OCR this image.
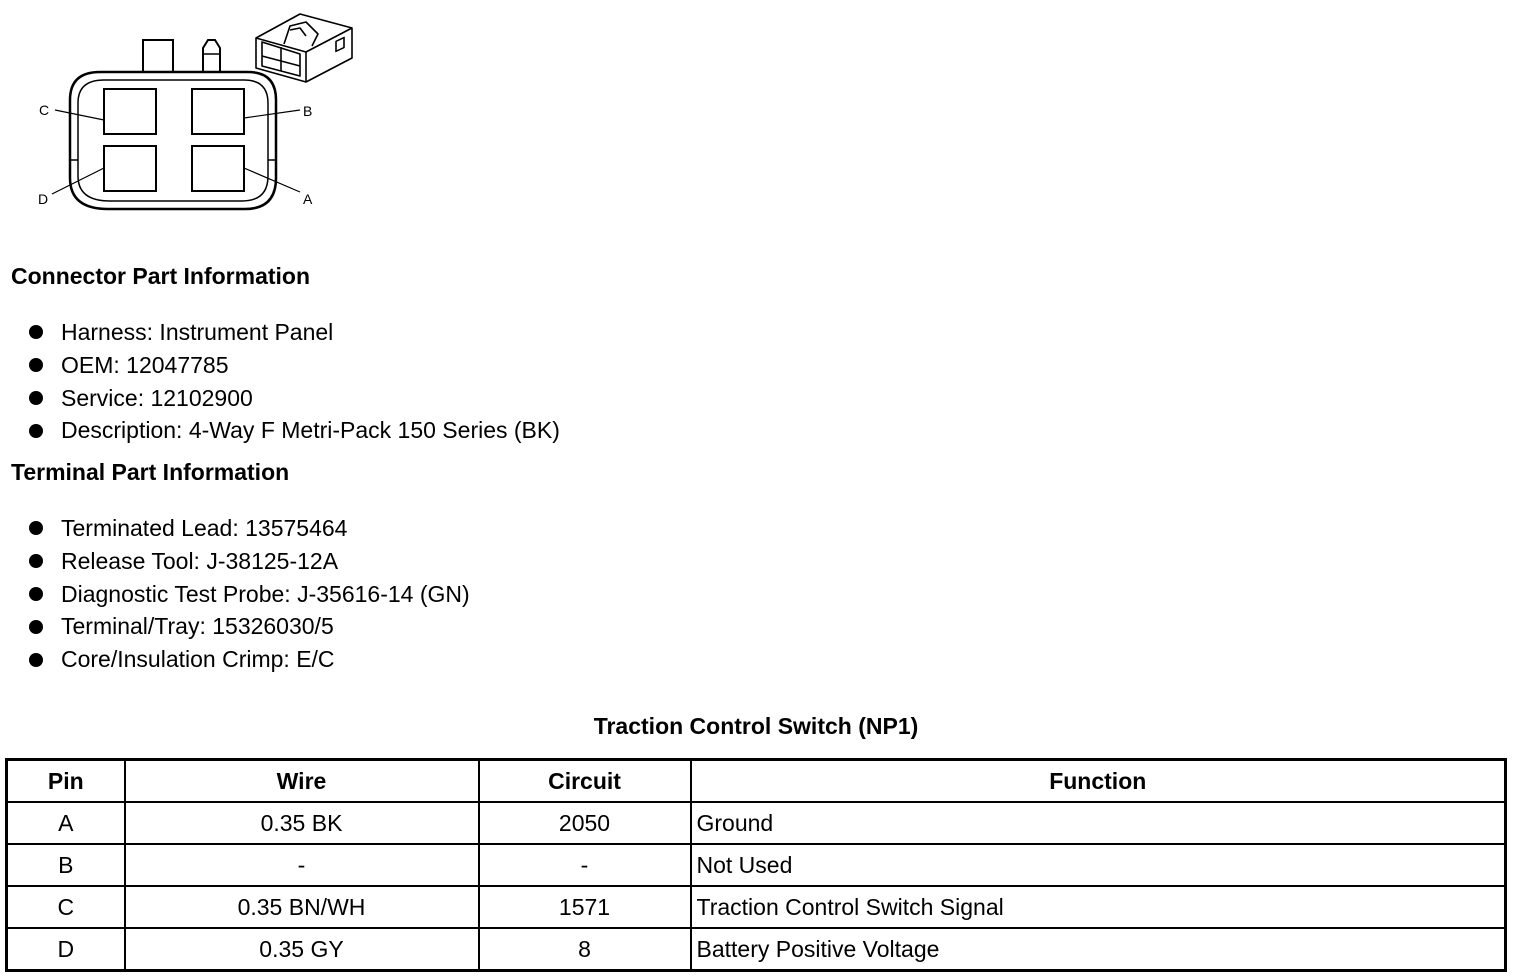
C	B
D	A
Connector Part Information
Harness: Instrument Panel
OEM: 12047785
Service: 12102900
Description: 4-Way F Metri-Pack 150 Series (BK)
Terminal Part Information
Terminated Lead: 13575464
Release Tool: J-38125-12A
Diagnostic Test Probe: J-35616-14 (GN)
Terminal/Tray: 15326030/5
Core/Insulation Crimp: E/C
Traction Control Switch (NP1)
Pin	Wire	Circuit	Function
A	0.35 BK	2050	Ground
B	-	-	Not Used
C	0.35 BN/WH	1571	Traction Control Switch Signal
D	0.35 GY	8	Battery Positive Voltage
